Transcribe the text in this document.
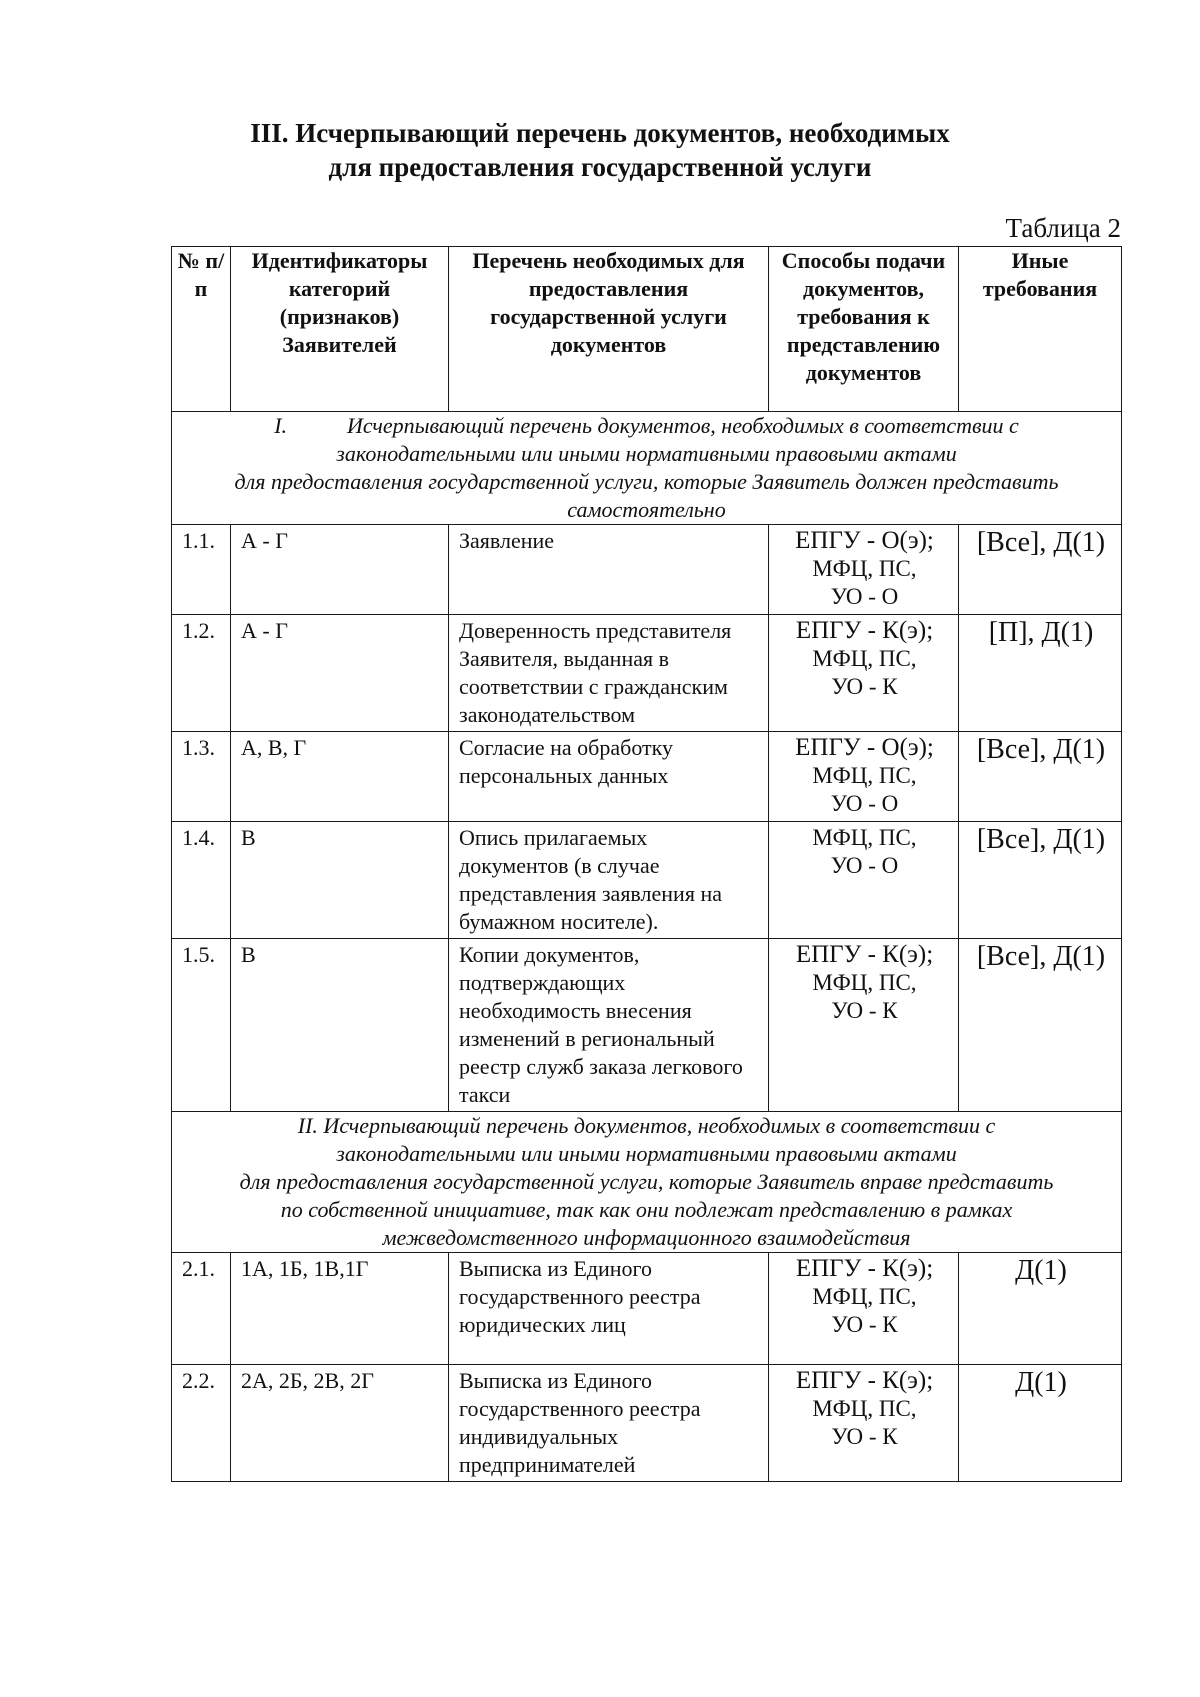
III. Исчерпывающий перечень документов, необходимых
для предоставления государственной услуги
Таблица 2
№ п/п	Идентификаторы категорий (признаков) Заявителей	Перечень необходимых для предоставления государственной услуги документов	Способы подачи документов, требования к представлению документов	Иные требования

I. Исчерпывающий перечень документов, необходимых в соответствии с
законодательными или иными нормативными правовыми актами
для предоставления государственной услуги, которые Заявитель должен представить
самостоятельно				

1.1.	А - Г	Заявление	ЕПГУ - О(э);
МФЦ, ПС,
УО - О	[Все], Д(1)
1.2.	А - Г	Доверенность представителя Заявителя, выданная в соответствии с гражданским законодательством	ЕПГУ - К(э);
МФЦ, ПС,
УО - К	[П], Д(1)
1.3.	А, В, Г	Согласие на обработку персональных данных	ЕПГУ - О(э);
МФЦ, ПС,
УО - О	[Все], Д(1)
1.4.	В	Опись прилагаемых документов (в случае представления заявления на бумажном носителе).	МФЦ, ПС,
УО - О	[Все], Д(1)
1.5.	В	Копии документов, подтверждающих необходимость внесения изменений в региональный реестр служб заказа легкового такси	ЕПГУ - К(э);
МФЦ, ПС,
УО - К	[Все], Д(1)

II. Исчерпывающий перечень документов, необходимых в соответствии с
законодательными или иными нормативными правовыми актами
для предоставления государственной услуги, которые Заявитель вправе представить
по собственной инициативе, так как они подлежат представлению в рамках
межведомственного информационного взаимодействия				

2.1.	1А, 1Б, 1В,1Г	Выписка из Единого государственного реестра юридических лиц	ЕПГУ - К(э);
МФЦ, ПС,
УО - К	Д(1)
2.2.	2А, 2Б, 2В, 2Г	Выписка из Единого государственного реестра индивидуальных предпринимателей	ЕПГУ - К(э);
МФЦ, ПС,
УО - К	Д(1)
